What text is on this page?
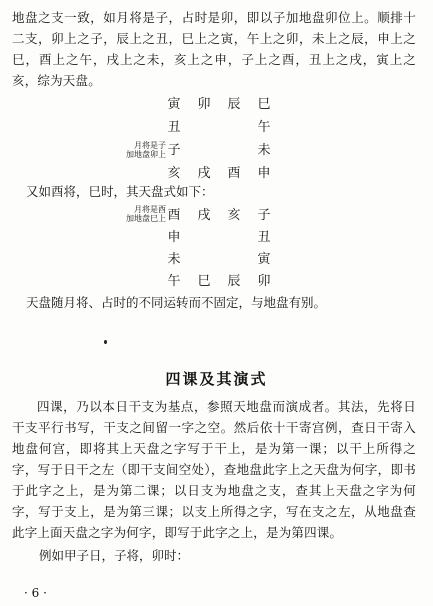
地盘之支一致，如月将是子，占时是卯，即以子加地盘卯位上。顺排十二支，卯上之子，辰上之丑，巳上之寅，午上之卯，未上之辰，申上之巳，酉上之午，戌上之未，亥上之申，子上之酉，丑上之戌，寅上之亥，综为天盘。

月将是子
加地盘卯上
寅 卯 辰 巳
丑	午
子	未
亥 戌 酉 申
又如酉将，巳时，其天盘式如下：
月将是酉
加地盘巳上 酉 戌 亥 子
申	丑
未	寅
午 巳 辰 卯
天盘随月将、占时的不同运转而不固定，与地盘有别。
四课及其演式

四课，乃以本日干支为基点，参照天地盘而演成者。其法，先将日干支平行书写，干支之间留一字之空。然后依十干寄宫例，查日干寄入地盘何宫，即将其上天盘之字写于干上，是为第一课；以干上所得之字，写于日干之左（即干支间空处），查地盘此字上之天盘为何字，即书于此字之上，是为第二课；以日支为地盘之支，查其上天盘之字为何字，写于支上，是为第三课；以支上所得之字，写在支之左，从地盘查此字上面天盘之字为何字，即写于此字之上，是为第四课。

例如甲子日，子将，卯时：
· 6 ·
